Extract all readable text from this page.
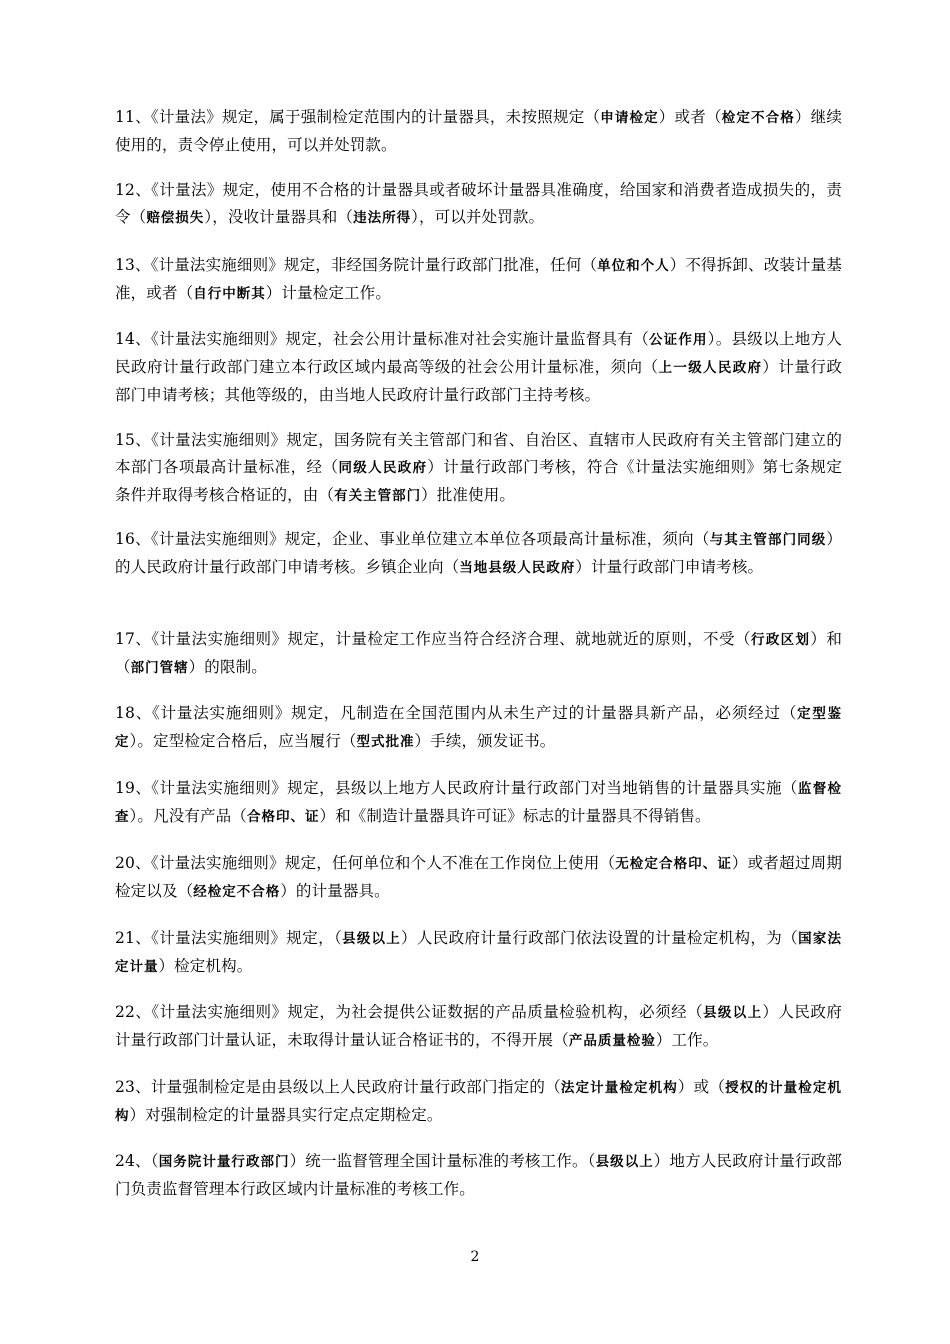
11、《计量法》规定，属于强制检定范围内的计量器具，未按照规定（申请检定）或者（检定不合格）继续使用的，责令停止使用，可以并处罚款。

12、《计量法》规定，使用不合格的计量器具或者破坏计量器具准确度，给国家和消费者造成损失的，责令（赔偿损失），没收计量器具和（违法所得），可以并处罚款。

13、《计量法实施细则》规定，非经国务院计量行政部门批准，任何（单位和个人）不得拆卸、改装计量基准，或者（自行中断其）计量检定工作。

14、《计量法实施细则》规定，社会公用计量标准对社会实施计量监督具有（公证作用）。县级以上地方人民政府计量行政部门建立本行政区域内最高等级的社会公用计量标准，须向（上一级人民政府）计量行政部门申请考核；其他等级的，由当地人民政府计量行政部门主持考核。

15、《计量法实施细则》规定，国务院有关主管部门和省、自治区、直辖市人民政府有关主管部门建立的本部门各项最高计量标准，经（同级人民政府）计量行政部门考核，符合《计量法实施细则》第七条规定条件并取得考核合格证的，由（有关主管部门）批准使用。

16、《计量法实施细则》规定，企业、事业单位建立本单位各项最高计量标准，须向（与其主管部门同级）的人民政府计量行政部门申请考核。乡镇企业向（当地县级人民政府）计量行政部门申请考核。

17、《计量法实施细则》规定，计量检定工作应当符合经济合理、就地就近的原则，不受（行政区划）和（部门管辖）的限制。

18、《计量法实施细则》规定，凡制造在全国范围内从未生产过的计量器具新产品，必须经过（定型鉴定）。定型检定合格后，应当履行（型式批准）手续，颁发证书。

19、《计量法实施细则》规定，县级以上地方人民政府计量行政部门对当地销售的计量器具实施（监督检查）。凡没有产品（合格印、证）和《制造计量器具许可证》标志的计量器具不得销售。

20、《计量法实施细则》规定，任何单位和个人不准在工作岗位上使用（无检定合格印、证）或者超过周期检定以及（经检定不合格）的计量器具。

21、《计量法实施细则》规定，（县级以上）人民政府计量行政部门依法设置的计量检定机构，为（国家法定计量）检定机构。

22、《计量法实施细则》规定，为社会提供公证数据的产品质量检验机构，必须经（县级以上）人民政府计量行政部门计量认证，未取得计量认证合格证书的，不得开展（产品质量检验）工作。

23、计量强制检定是由县级以上人民政府计量行政部门指定的（法定计量检定机构）或（授权的计量检定机构）对强制检定的计量器具实行定点定期检定。

24、（国务院计量行政部门）统一监督管理全国计量标准的考核工作。（县级以上）地方人民政府计量行政部门负责监督管理本行政区域内计量标准的考核工作。

2
